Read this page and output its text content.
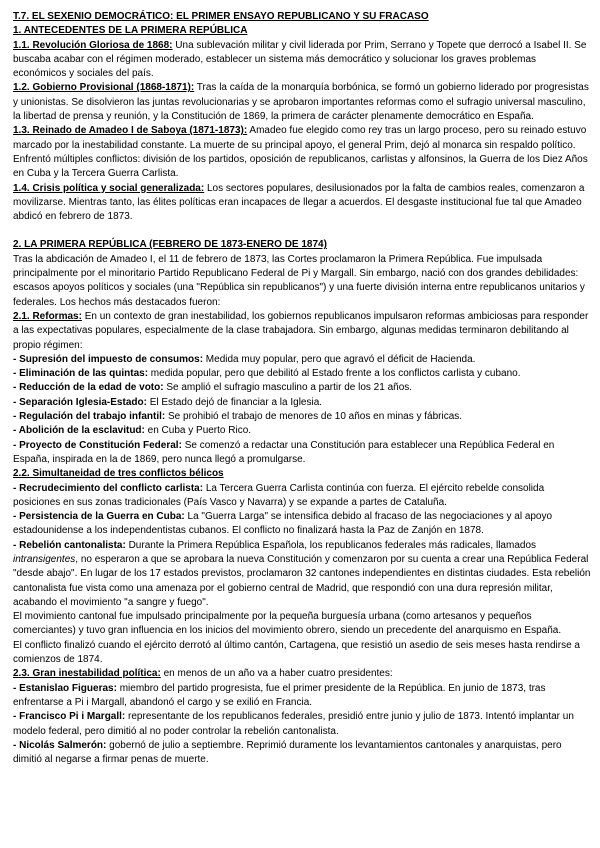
T.7. EL SEXENIO DEMOCRÁTICO: EL PRIMER ENSAYO REPUBLICANO Y SU FRACASO

1. ANTECEDENTES DE LA PRIMERA REPÚBLICA

1.1. Revolución Gloriosa de 1868: Una sublevación militar y civil liderada por Prim, Serrano y Topete que derrocó a Isabel II. Se buscaba acabar con el régimen moderado, establecer un sistema más democrático y solucionar los graves problemas económicos y sociales del país.

1.2. Gobierno Provisional (1868-1871): Tras la caída de la monarquía borbónica, se formó un gobierno liderado por progresistas y unionistas. Se disolvieron las juntas revolucionarias y se aprobaron importantes reformas como el sufragio universal masculino, la libertad de prensa y reunión, y la Constitución de 1869, la primera de carácter plenamente democrático en España.

1.3. Reinado de Amadeo I de Saboya (1871-1873): Amadeo fue elegido como rey tras un largo proceso, pero su reinado estuvo marcado por la inestabilidad constante. La muerte de su principal apoyo, el general Prim, dejó al monarca sin respaldo político. Enfrentó múltiples conflictos: división de los partidos, oposición de republicanos, carlistas y alfonsinos, la Guerra de los Diez Años en Cuba y la Tercera Guerra Carlista.

1.4. Crisis política y social generalizada: Los sectores populares, desilusionados por la falta de cambios reales, comenzaron a movilizarse. Mientras tanto, las élites políticas eran incapaces de llegar a acuerdos. El desgaste institucional fue tal que Amadeo abdicó en febrero de 1873.

2. LA PRIMERA REPÚBLICA (FEBRERO DE 1873-ENERO DE 1874)

Tras la abdicación de Amadeo I, el 11 de febrero de 1873, las Cortes proclamaron la Primera República. Fue impulsada principalmente por el minoritario Partido Republicano Federal de Pi y Margall. Sin embargo, nació con dos grandes debilidades: escasos apoyos políticos y sociales (una "República sin republicanos") y una fuerte división interna entre republicanos unitarios y federales. Los hechos más destacados fueron:

2.1. Reformas: En un contexto de gran inestabilidad, los gobiernos republicanos impulsaron reformas ambiciosas para responder a las expectativas populares, especialmente de la clase trabajadora. Sin embargo, algunas medidas terminaron debilitando al propio régimen:

- Supresión del impuesto de consumos: Medida muy popular, pero que agravó el déficit de Hacienda.

- Eliminación de las quintas: medida popular, pero que debilitó al Estado frente a los conflictos carlista y cubano.

- Reducción de la edad de voto: Se amplió el sufragio masculino a partir de los 21 años.

- Separación Iglesia-Estado: El Estado dejó de financiar a la Iglesia.

- Regulación del trabajo infantil: Se prohibió el trabajo de menores de 10 años en minas y fábricas.

- Abolición de la esclavitud: en Cuba y Puerto Rico.

- Proyecto de Constitución Federal: Se comenzó a redactar una Constitución para establecer una República Federal en España, inspirada en la de 1869, pero nunca llegó a promulgarse.

2.2. Simultaneidad de tres conflictos bélicos

- Recrudecimiento del conflicto carlista: La Tercera Guerra Carlista continúa con fuerza. El ejército rebelde consolida posiciones en sus zonas tradicionales (País Vasco y Navarra) y se expande a partes de Cataluña.

- Persistencia de la Guerra en Cuba: La "Guerra Larga" se intensifica debido al fracaso de las negociaciones y al apoyo estadounidense a los independentistas cubanos. El conflicto no finalizará hasta la Paz de Zanjón en 1878.

- Rebelión cantonalista: Durante la Primera República Española, los republicanos federales más radicales, llamados intransigentes, no esperaron a que se aprobara la nueva Constitución y comenzaron por su cuenta a crear una República Federal "desde abajo". En lugar de los 17 estados previstos, proclamaron 32 cantones independientes en distintas ciudades. Esta rebelión cantonalista fue vista como una amenaza por el gobierno central de Madrid, que respondió con una dura represión militar, acabando el movimiento "a sangre y fuego".

El movimiento cantonal fue impulsado principalmente por la pequeña burguesía urbana (como artesanos y pequeños comerciantes) y tuvo gran influencia en los inicios del movimiento obrero, siendo un precedente del anarquismo en España.

El conflicto finalizó cuando el ejército derrotó al último cantón, Cartagena, que resistió un asedio de seis meses hasta rendirse a comienzos de 1874.

2.3. Gran inestabilidad política: en menos de un año va a haber cuatro presidentes:

- Estanislao Figueras: miembro del partido progresista, fue el primer presidente de la República. En junio de 1873, tras enfrentarse a Pi i Margall, abandonó el cargo y se exilió en Francia.

- Francisco Pi i Margall: representante de los republicanos federales, presidió entre junio y julio de 1873. Intentó implantar un modelo federal, pero dimitió al no poder controlar la rebelión cantonalista.

- Nicolás Salmerón: gobernó de julio a septiembre. Reprimió duramente los levantamientos cantonales y anarquistas, pero dimitió al negarse a firmar penas de muerte.
